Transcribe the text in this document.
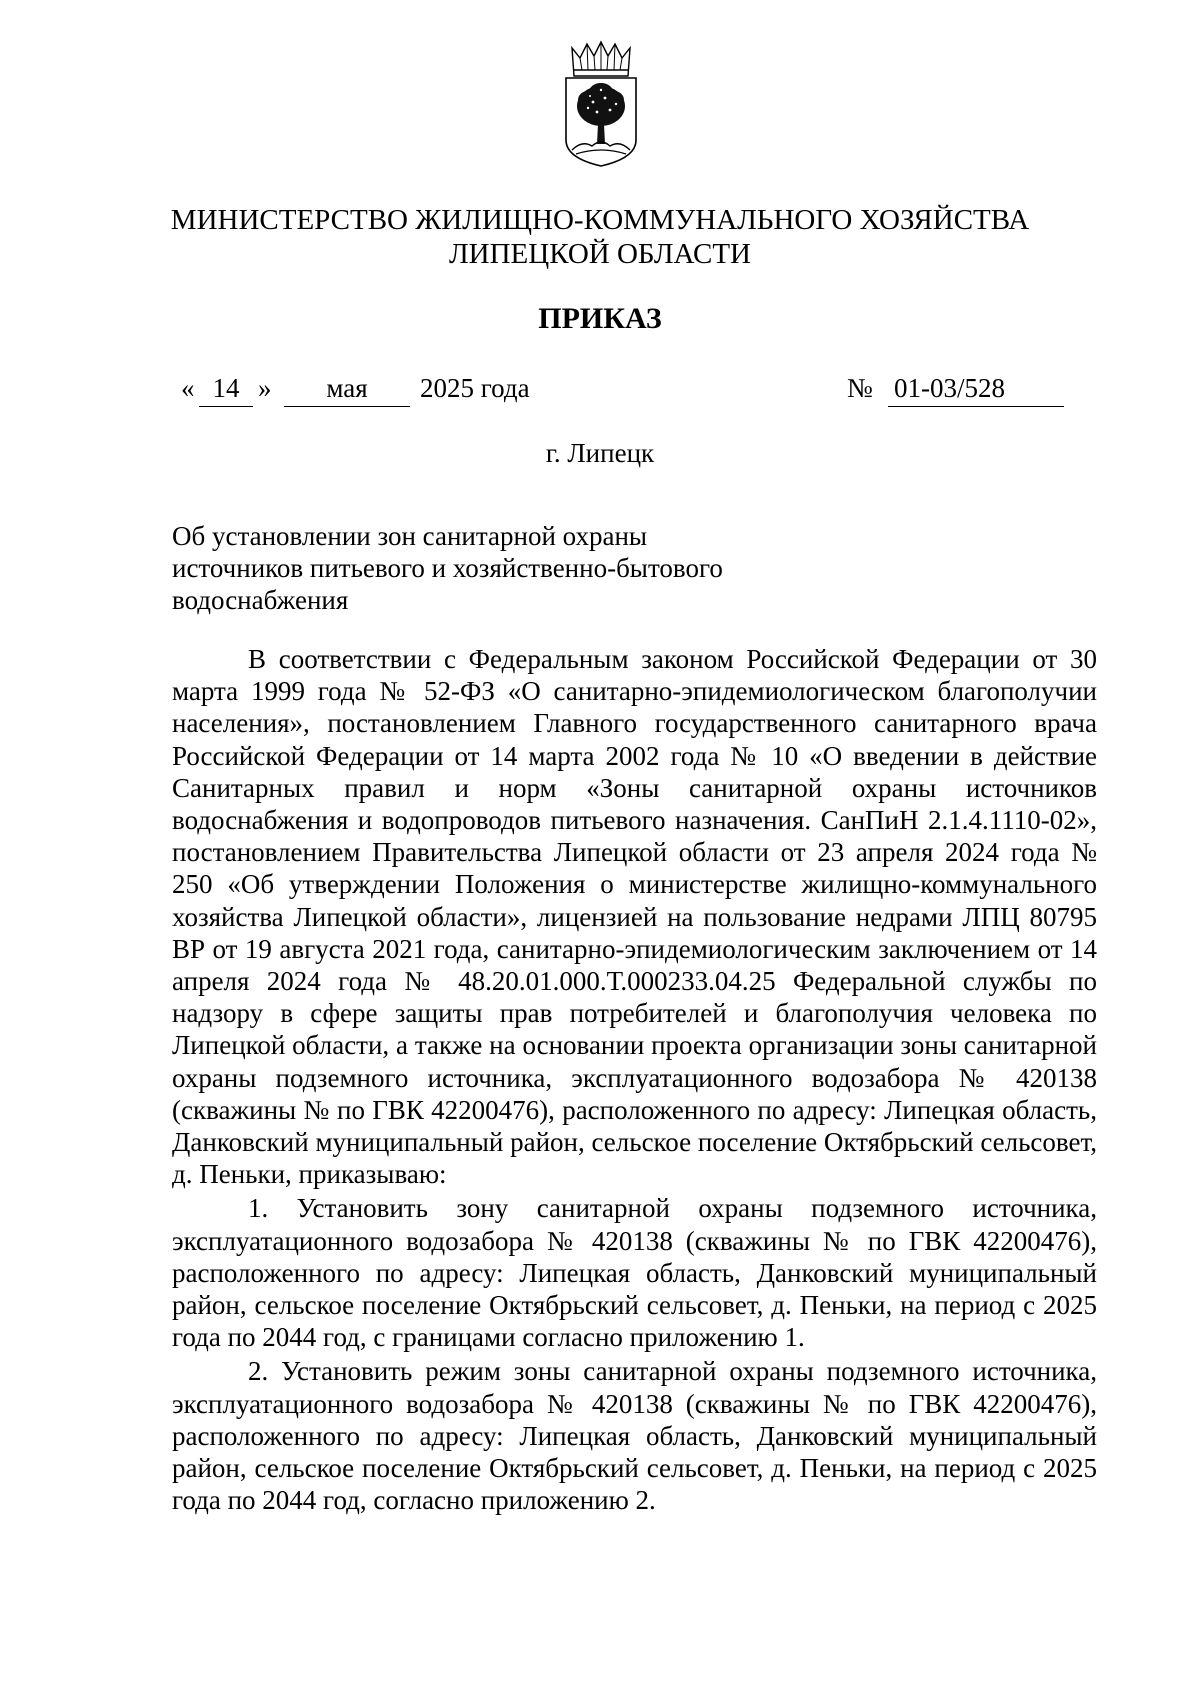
МИНИСТЕРСТВО ЖИЛИЩНО-КОММУНАЛЬНОГО ХОЗЯЙСТВА
ЛИПЕЦКОЙ ОБЛАСТИ
ПРИКАЗ
« 14 »	мая	2025 года	№ 01-03/528
г. Липецк
Об установлении зон санитарной охраны
источников питьевого и хозяйственно-бытового
водоснабжения

В соответствии с Федеральным законом Российской Федерации от 30 марта 1999 года № 52-ФЗ «О санитарно-эпидемиологическом благополучии населения», постановлением Главного государственного санитарного врача Российской Федерации от 14 марта 2002 года № 10 «О введении в действие Санитарных правил и норм «Зоны санитарной охраны источников водоснабжения и водопроводов питьевого назначения. СанПиН 2.1.4.1110-02», постановлением Правительства Липецкой области от 23 апреля 2024 года № 250 «Об утверждении Положения о министерстве жилищно-коммунального хозяйства Липецкой области», лицензией на пользование недрами ЛПЦ 80795 ВР от 19 августа 2021 года, санитарно-эпидемиологическим заключением от 14 апреля 2024 года № 48.20.01.000.Т.000233.04.25 Федеральной службы по надзору в сфере защиты прав потребителей и благополучия человека по Липецкой области, а также на основании проекта организации зоны санитарной охраны подземного источника, эксплуатационного водозабора № 420138 (скважины № по ГВК 42200476), расположенного по адресу: Липецкая область, Данковский муниципальный район, сельское поселение Октябрьский сельсовет, д. Пеньки, приказываю:

1. Установить зону санитарной охраны подземного источника, эксплуатационного водозабора № 420138 (скважины № по ГВК 42200476), расположенного по адресу: Липецкая область, Данковский муниципальный район, сельское поселение Октябрьский сельсовет, д. Пеньки, на период с 2025 года по 2044 год, с границами согласно приложению 1.

2. Установить режим зоны санитарной охраны подземного источника, эксплуатационного водозабора № 420138 (скважины № по ГВК 42200476), расположенного по адресу: Липецкая область, Данковский муниципальный район, сельское поселение Октябрьский сельсовет, д. Пеньки, на период с 2025 года по 2044 год, согласно приложению 2.
